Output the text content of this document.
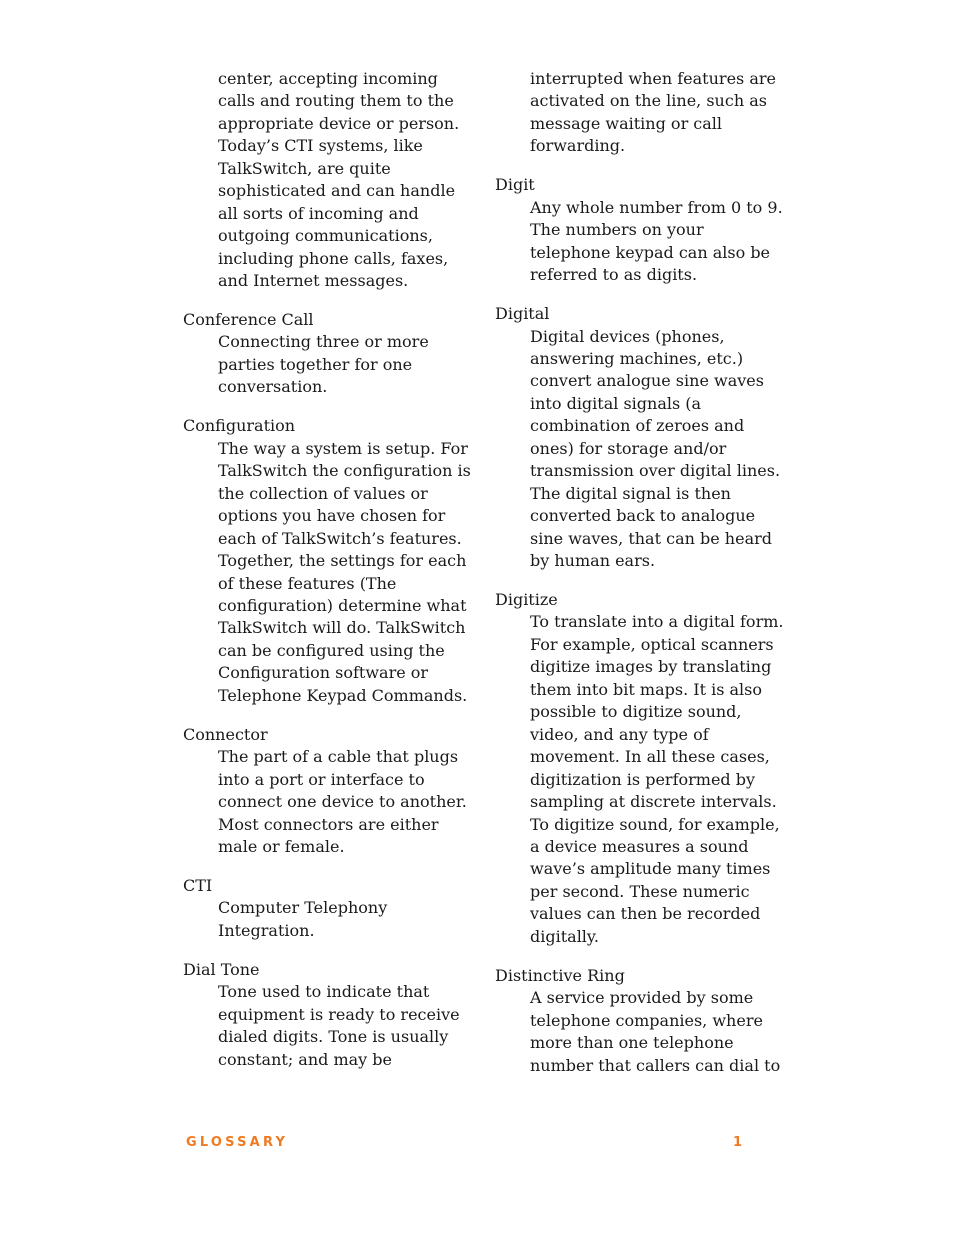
center, accepting incoming
calls and routing them to the
appropriate device or person.
Today’s CTI systems, like
TalkSwitch, are quite
sophisticated and can handle
all sorts of incoming and
outgoing communications,
including phone calls, faxes,
and Internet messages.
Conference Call
Connecting three or more
parties together for one
conversation.
Configuration
The way a system is setup. For
TalkSwitch the configuration is
the collection of values or
options you have chosen for
each of TalkSwitch’s features.
Together, the settings for each
of these features (The
configuration) determine what
TalkSwitch will do. TalkSwitch
can be configured using the
Configuration software or
Telephone Keypad Commands.
Connector
The part of a cable that plugs
into a port or interface to
connect one device to another.
Most connectors are either
male or female.
CTI
Computer Telephony
Integration.
Dial Tone
Tone used to indicate that
equipment is ready to receive
dialed digits. Tone is usually
constant; and may be
interrupted when features are
activated on the line, such as
message waiting or call
forwarding.
Digit
Any whole number from 0 to 9.
The numbers on your
telephone keypad can also be
referred to as digits.
Digital
Digital devices (phones,
answering machines, etc.)
convert analogue sine waves
into digital signals (a
combination of zeroes and
ones) for storage and/or
transmission over digital lines.
The digital signal is then
converted back to analogue
sine waves, that can be heard
by human ears.
Digitize
To translate into a digital form.
For example, optical scanners
digitize images by translating
them into bit maps. It is also
possible to digitize sound,
video, and any type of
movement. In all these cases,
digitization is performed by
sampling at discrete intervals.
To digitize sound, for example,
a device measures a sound
wave’s amplitude many times
per second. These numeric
values can then be recorded
digitally.
Distinctive Ring
A service provided by some
telephone companies, where
more than one telephone
number that callers can dial to
GLOSSARY	1
